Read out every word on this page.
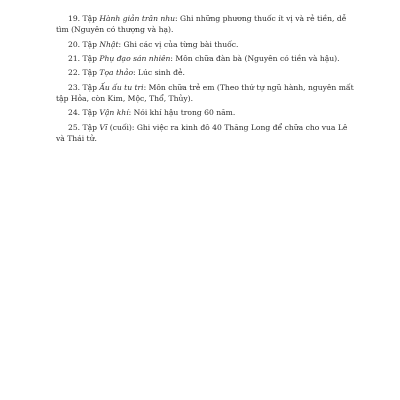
19. Tập Hành giản trân nhu: Ghi những phương thuốc ít vị và rẻ tiền, dễ tìm (Nguyên có thượng và hạ).

20. Tập Nhật: Ghi các vị của từng bài thuốc.

21. Tập Phụ đạo sán nhiên: Môn chữa đàn bà (Nguyên có tiền và hậu).

22. Tập Tọa thảo: Lúc sinh đẻ.

23. Tập Ấu ấu tu tri: Môn chữa trẻ em (Theo thứ tự ngũ hành, nguyên mất tập Hỏa, còn Kim, Mộc, Thổ, Thủy).

24. Tập Vận khí: Nói khí hậu trong 60 năm.

25. Tập Vĩ (cuối): Ghi việc ra kinh đô 40 Thăng Long để chữa cho vua Lê và Thái tử.
